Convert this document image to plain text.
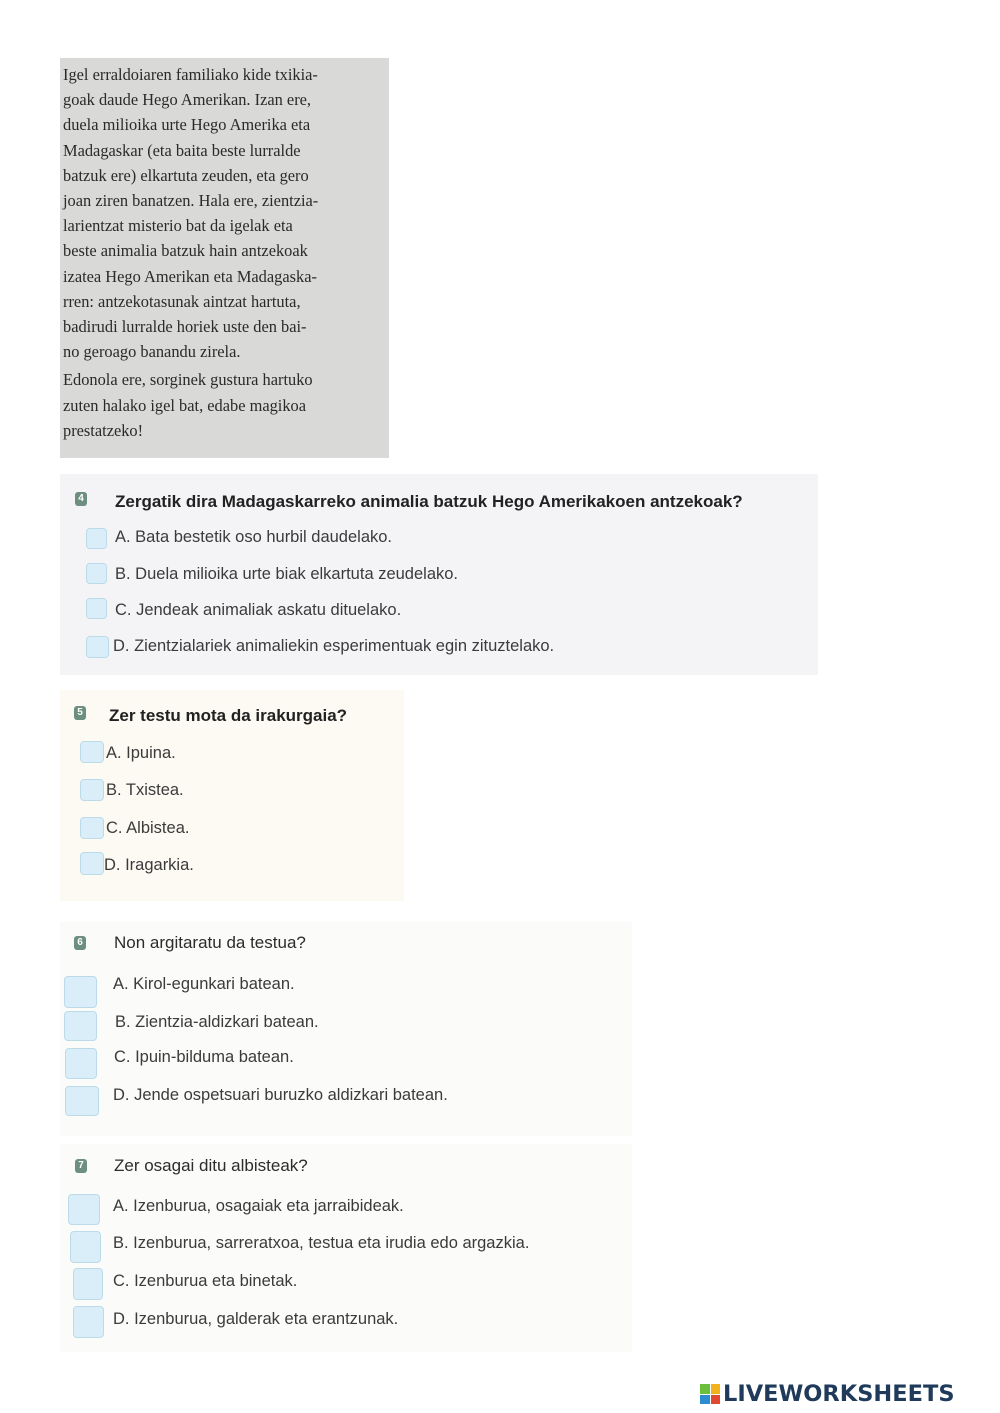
Igel erraldoiaren familiako kide txikia-
goak daude Hego Amerikan. Izan ere,
duela milioika urte Hego Amerika eta
Madagaskar (eta baita beste lurralde
batzuk ere) elkartuta zeuden, eta gero
joan ziren banatzen. Hala ere, zientzia-
larientzat misterio bat da igelak eta
beste animalia batzuk hain antzekoak
izatea Hego Amerikan eta Madagaska-
rren: antzekotasunak aintzat hartuta,
badirudi lurralde horiek uste den bai-
no geroago banandu zirela.
Edonola ere, sorginek gustura hartuko
zuten halako igel bat, edabe magikoa
prestatzeko!
4 Zergatik dira Madagaskarreko animalia batzuk Hego Amerikakoen antzekoak?
A. Bata bestetik oso hurbil daudelako.
B. Duela milioika urte biak elkartuta zeudelako.
C. Jendeak animaliak askatu dituelako.
D. Zientzialariek animaliekin esperimentuak egin zituztelako.
5 Zer testu mota da irakurgaia?
A. Ipuina.
B. Txistea.
C. Albistea.
D. Iragarkia.
6 Non argitaratu da testua?
A. Kirol-egunkari batean.
B. Zientzia-aldizkari batean.
C. Ipuin-bilduma batean.
D. Jende ospetsuari buruzko aldizkari batean.
7 Zer osagai ditu albisteak?
A. Izenburua, osagaiak eta jarraibideak.
B. Izenburua, sarreratxoa, testua eta irudia edo argazkia.
C. Izenburua eta binetak.
D. Izenburua, galderak eta erantzunak.
LIVEWORKSHEETS
